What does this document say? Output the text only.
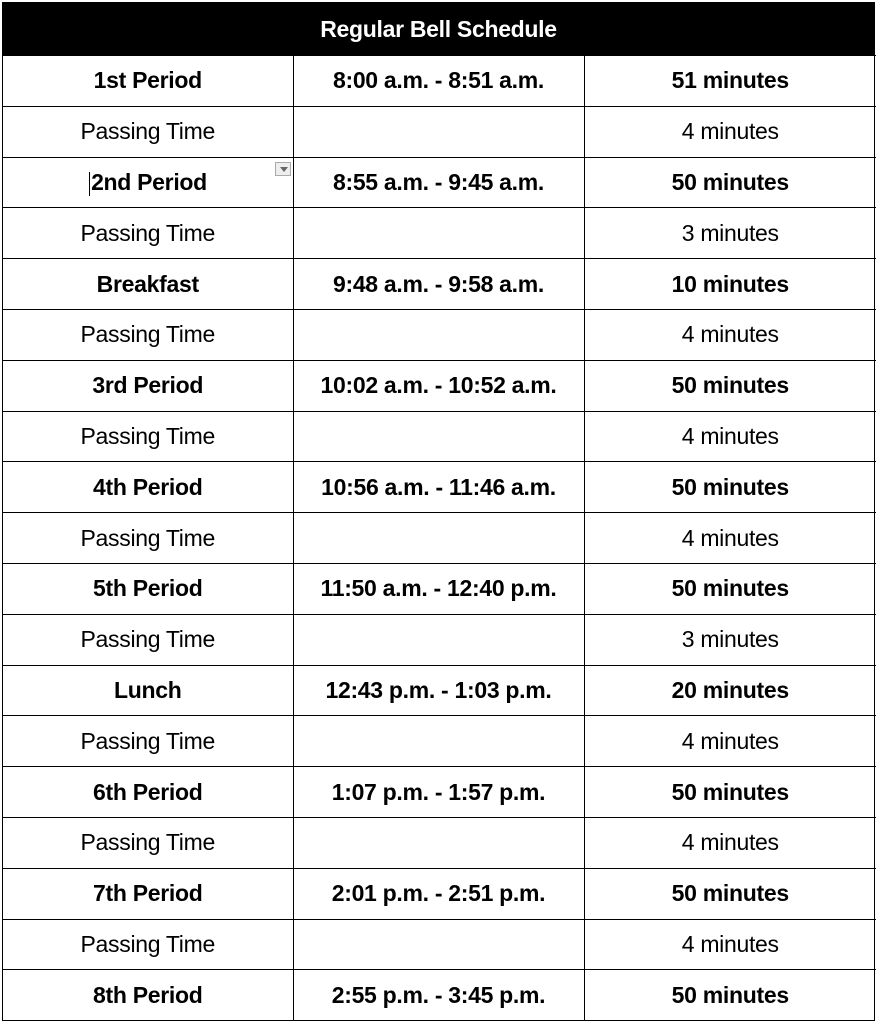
Regular Bell Schedule
1st Period	8:00 a.m. - 8:51 a.m.	51 minutes
Passing Time		4 minutes
2nd Period	8:55 a.m. - 9:45 a.m.	50 minutes
Passing Time		3 minutes
Breakfast	9:48 a.m. - 9:58 a.m.	10 minutes
Passing Time		4 minutes
3rd Period	10:02 a.m. - 10:52 a.m.	50 minutes
Passing Time		4 minutes
4th Period	10:56 a.m. - 11:46 a.m.	50 minutes
Passing Time		4 minutes
5th Period	11:50 a.m. - 12:40 p.m.	50 minutes
Passing Time		3 minutes
Lunch	12:43 p.m. - 1:03 p.m.	20 minutes
Passing Time		4 minutes
6th Period	1:07 p.m. - 1:57 p.m.	50 minutes
Passing Time		4 minutes
7th Period	2:01 p.m. - 2:51 p.m.	50 minutes
Passing Time		4 minutes
8th Period	2:55 p.m. - 3:45 p.m.	50 minutes
